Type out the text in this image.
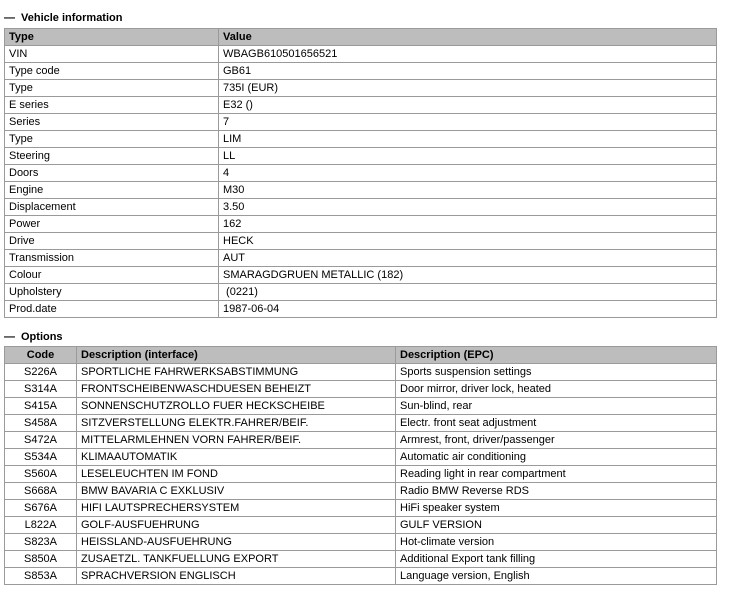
— Vehicle information
Type	Value
VIN	WBAGB610501656521
Type code	GB61
Type	735I (EUR)
E series	E32 ()
Series	7
Type	LIM
Steering	LL
Doors	4
Engine	M30
Displacement	3.50
Power	162
Drive	HECK
Transmission	AUT
Colour	SMARAGDGRUEN METALLIC (182)
Upholstery	(0221)
Prod.date	1987-06-04
— Options
Code	Description (interface)	Description (EPC)
S226A	SPORTLICHE FAHRWERKSABSTIMMUNG	Sports suspension settings
S314A	FRONTSCHEIBENWASCHDUESEN BEHEIZT	Door mirror, driver lock, heated
S415A	SONNENSCHUTZROLLO FUER HECKSCHEIBE	Sun-blind, rear
S458A	SITZVERSTELLUNG ELEKTR.FAHRER/BEIF.	Electr. front seat adjustment
S472A	MITTELARMLEHNEN VORN FAHRER/BEIF.	Armrest, front, driver/passenger
S534A	KLIMAAUTOMATIK	Automatic air conditioning
S560A	LESELEUCHTEN IM FOND	Reading light in rear compartment
S668A	BMW BAVARIA C EXKLUSIV	Radio BMW Reverse RDS
S676A	HIFI LAUTSPRECHERSYSTEM	HiFi speaker system
L822A	GOLF-AUSFUEHRUNG	GULF VERSION
S823A	HEISSLAND-AUSFUEHRUNG	Hot-climate version
S850A	ZUSAETZL. TANKFUELLUNG EXPORT	Additional Export tank filling
S853A	SPRACHVERSION ENGLISCH	Language version, English
